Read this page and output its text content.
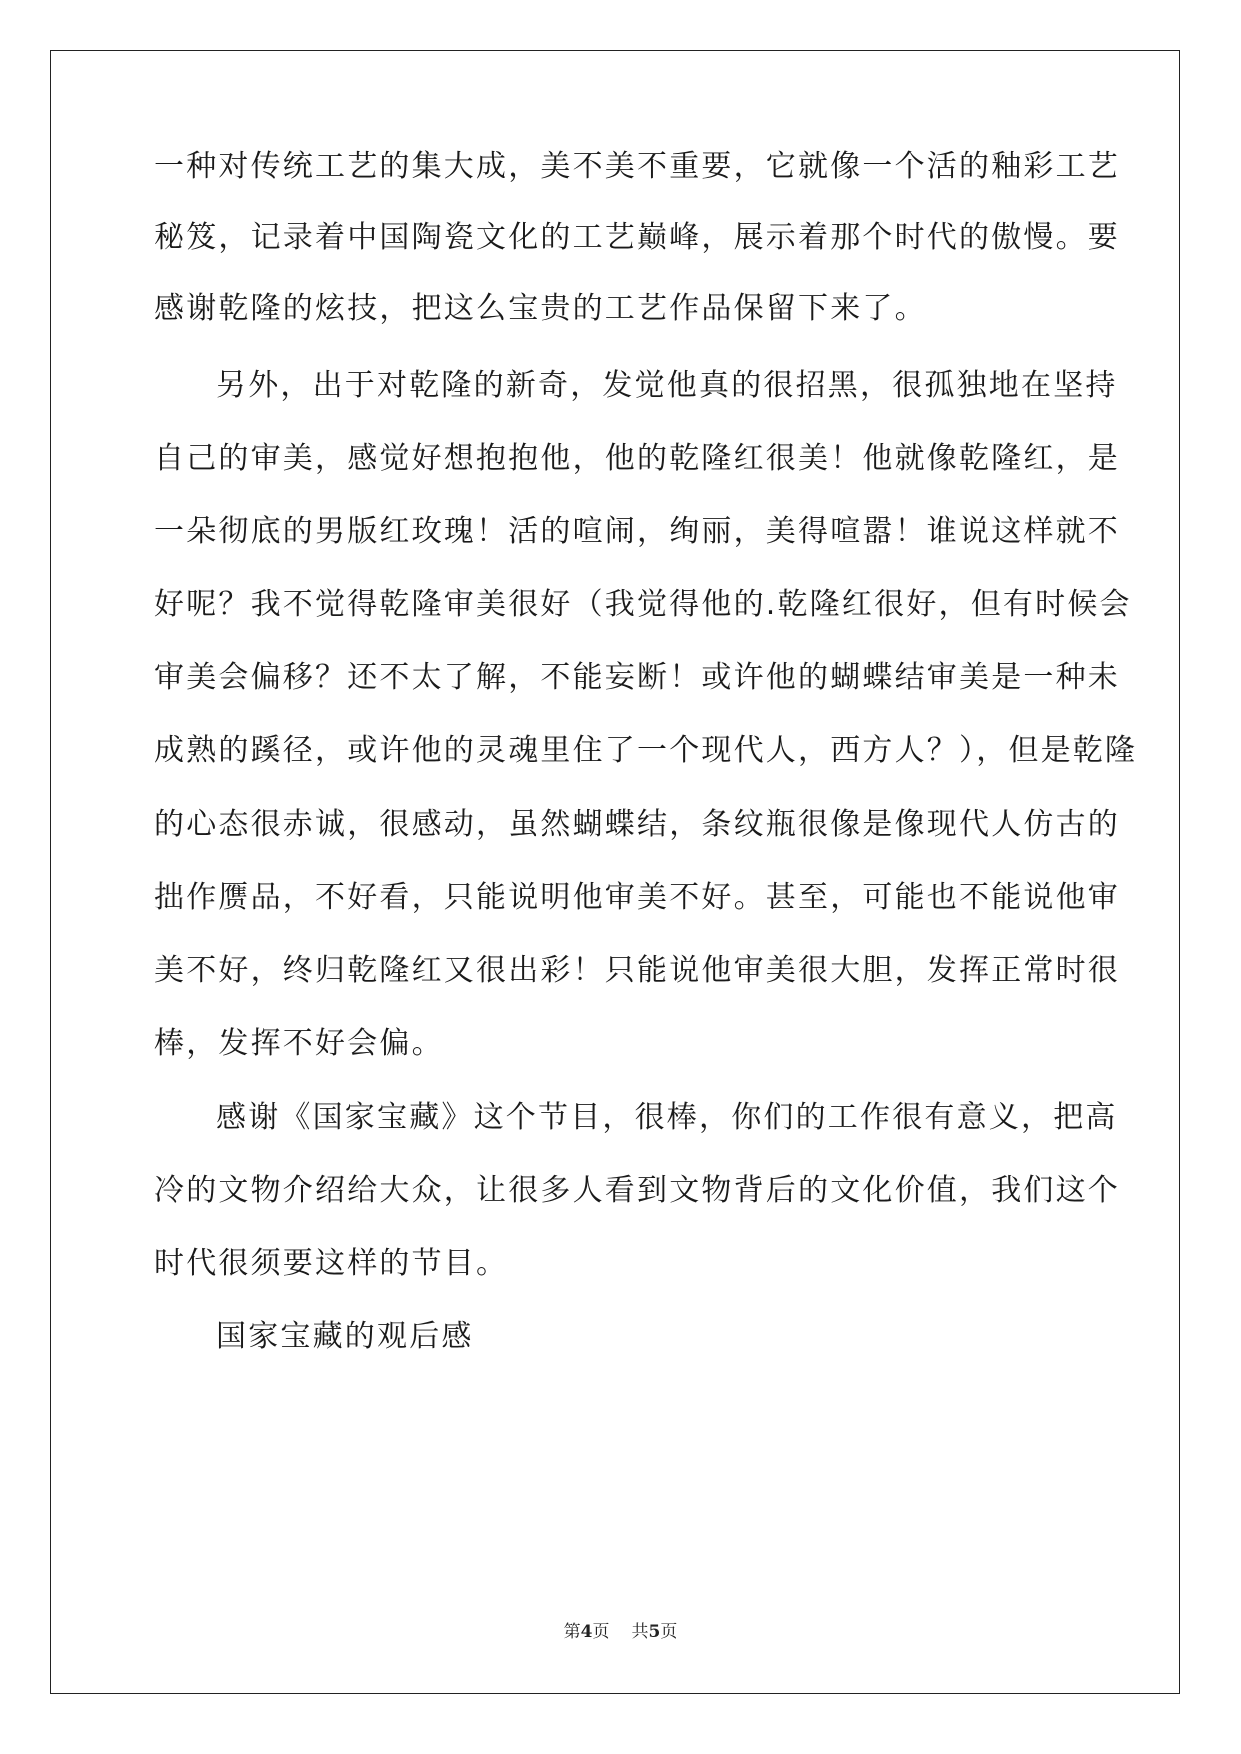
一种对传统工艺的集大成，美不美不重要，它就像一个活的釉彩工艺
秘笈，记录着中国陶瓷文化的工艺巅峰，展示着那个时代的傲慢。要
感谢乾隆的炫技，把这么宝贵的工艺作品保留下来了。
另外，出于对乾隆的新奇，发觉他真的很招黑，很孤独地在坚持
自己的审美，感觉好想抱抱他，他的乾隆红很美！他就像乾隆红，是
一朵彻底的男版红玫瑰！活的喧闹，绚丽，美得喧嚣！谁说这样就不
好呢？我不觉得乾隆审美很好（我觉得他的.乾隆红很好，但有时候会
审美会偏移？还不太了解，不能妄断！或许他的蝴蝶结审美是一种未
成熟的蹊径，或许他的灵魂里住了一个现代人，西方人？），但是乾隆
的心态很赤诚，很感动，虽然蝴蝶结，条纹瓶很像是像现代人仿古的
拙作赝品，不好看，只能说明他审美不好。甚至，可能也不能说他审
美不好，终归乾隆红又很出彩！只能说他审美很大胆，发挥正常时很
棒，发挥不好会偏。
感谢《国家宝藏》这个节目，很棒，你们的工作很有意义，把高
冷的文物介绍给大众，让很多人看到文物背后的文化价值，我们这个
时代很须要这样的节目。
国家宝藏的观后感
第4页 共5页
